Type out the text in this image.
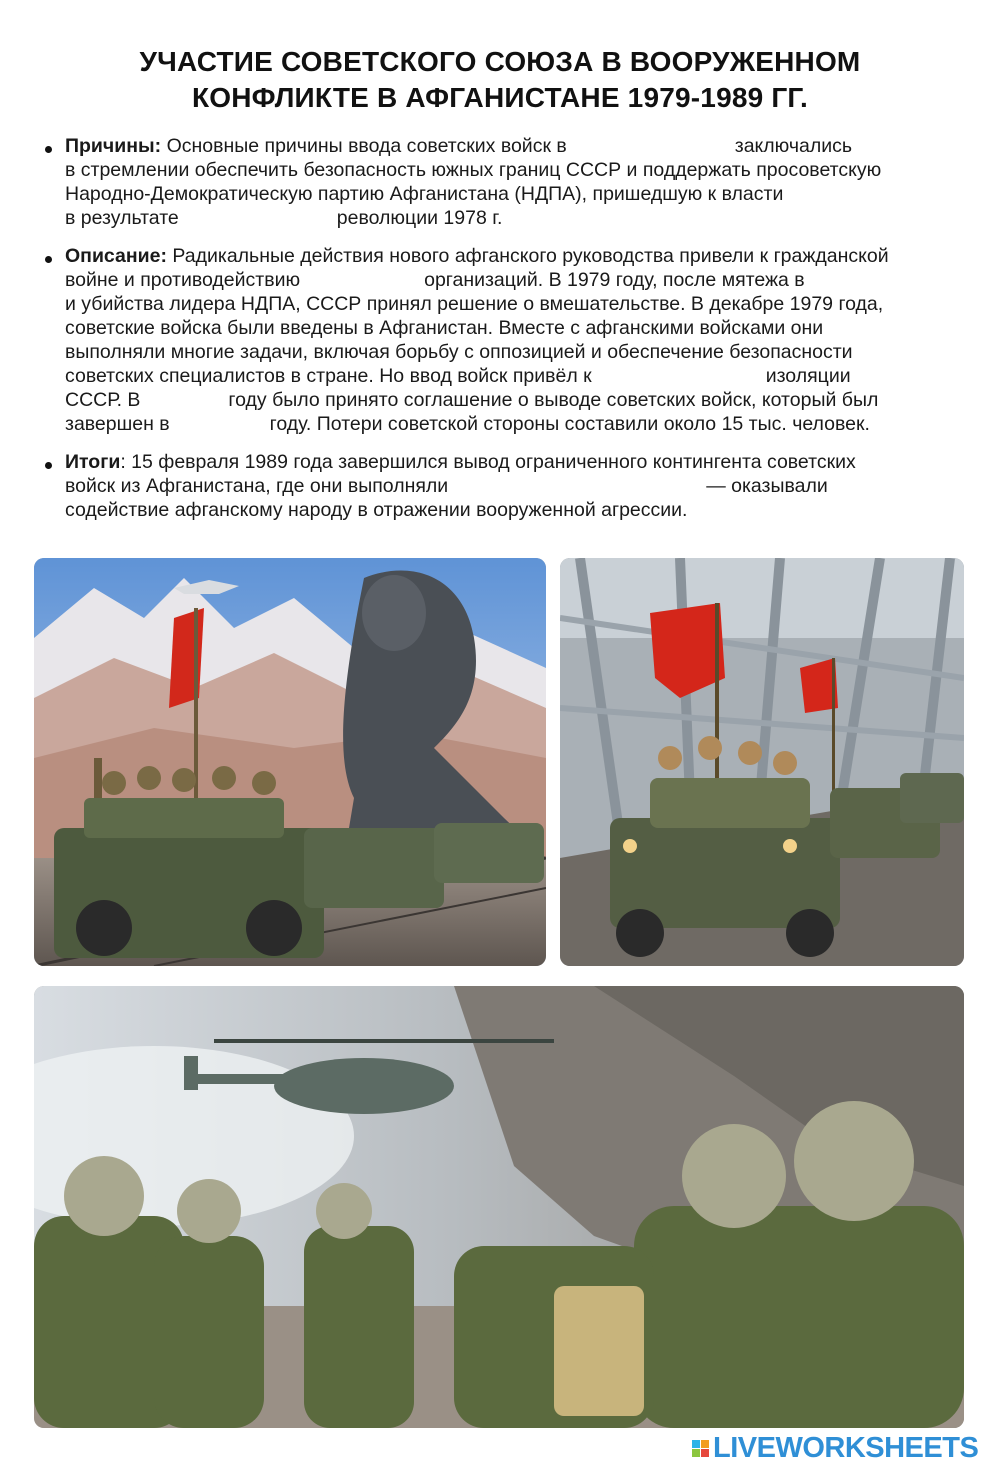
УЧАСТИЕ СОВЕТСКОГО СОЮЗА В ВООРУЖЕННОМ
КОНФЛИКТЕ В АФГАНИСТАНЕ 1979-1989 ГГ.
Причины: Основные причины ввода советских войск в	заключались
в стремлении обеспечить безопасность южных границ СССР и поддержать просоветскую
Народно-Демократическую партию Афганистана (НДПА), пришедшую к власти
в результате	революции 1978 г.
Описание: Радикальные действия нового афганского руководства привели к гражданской
войне и противодействию	организаций. В 1979 году, после мятежа в
и убийства лидера НДПА, СССР принял решение о вмешательстве. В декабре 1979 года,
советские войска были введены в Афганистан. Вместе с афганскими войсками они
выполняли многие задачи, включая борьбу с оппозицией и обеспечение безопасности
советских специалистов в стране. Но ввод войск привёл к	изоляции
СССР. В	году было принято соглашение о выводе советских войск, который был
завершен в	году. Потери советской стороны составили около 15 тыс. человек.
Итоги: 15 февраля 1989 года завершился вывод ограниченного контингента советских
войск из Афганистана, где они выполняли	— оказывали
содействие афганскому народу в отражении вооруженной агрессии.
LIVEWORKSHEETS
